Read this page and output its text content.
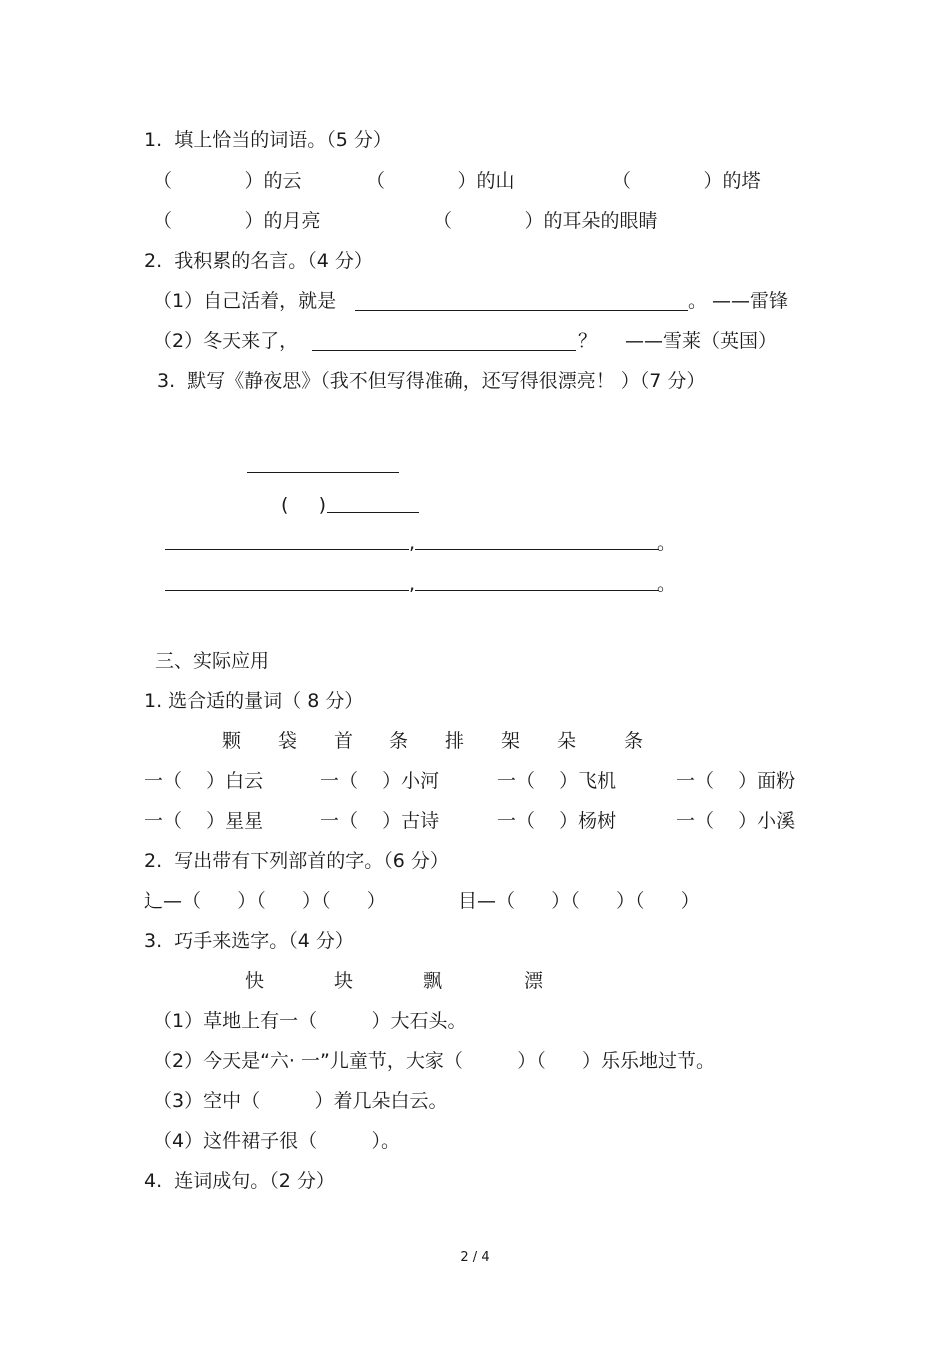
1.  填上恰当的词语。（5 分）
（            ）的云	（            ）的山	（            ）的塔
（            ）的月亮	（            ）的耳朵的眼睛
2.  我积累的名言。（4 分）
（1）自己活着，就是	。 ——雷锋
（2）冬天来了，	？ ——雪莱（英国）
3.  默写《静夜思》（我不但写得准确，还写得很漂亮！ ）（7 分）
(     )
,	。
,	。
三、实际应用
1. 选合适的量词（ 8 分）
颗 袋 首 条 排 架 朵	条
一（    ）白云	一（    ）小河	一（    ）飞机	一（    ）面粉
一（    ）星星	一（    ）古诗	一（    ）杨树	一（    ）小溪
2.  写出带有下列部首的字。（6 分）
辶—（      ）（      ）（      ）	目—（      ）（      ）（      ）
3.  巧手来选字。（4 分）
快	块	飘	漂
（1）草地上有一（         ）大石头。
（2）今天是“六· 一”儿童节，大家（         ）（      ）乐乐地过节。
（3）空中（         ）着几朵白云。
（4）这件裙子很（         ）。
4.  连词成句。（2 分）
2 / 4
